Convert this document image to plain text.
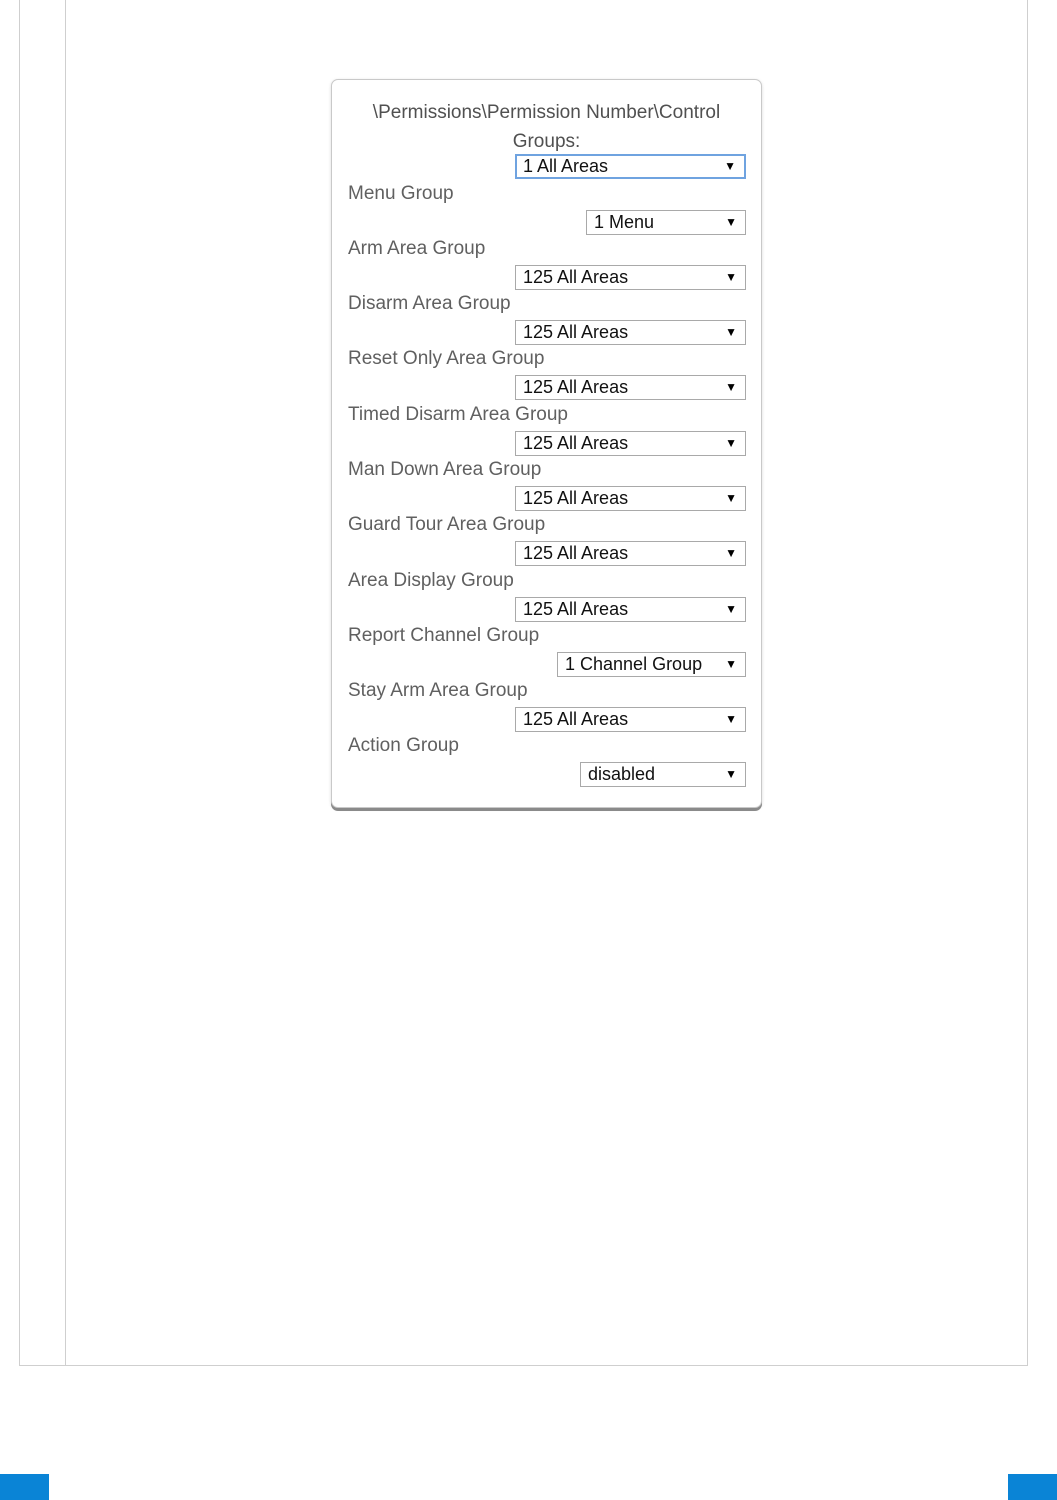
\Permissions\Permission Number\Control
Groups:
1 All Areas	▼
Menu Group
1 Menu	▼
Arm Area Group
125 All Areas	▼
Disarm Area Group
125 All Areas	▼
Reset Only Area Group
125 All Areas	▼
Timed Disarm Area Group
125 All Areas	▼
Man Down Area Group
125 All Areas	▼
Guard Tour Area Group
125 All Areas	▼
Area Display Group
125 All Areas	▼
Report Channel Group
1 Channel Group ▼
Stay Arm Area Group
125 All Areas	▼
Action Group
disabled	▼
